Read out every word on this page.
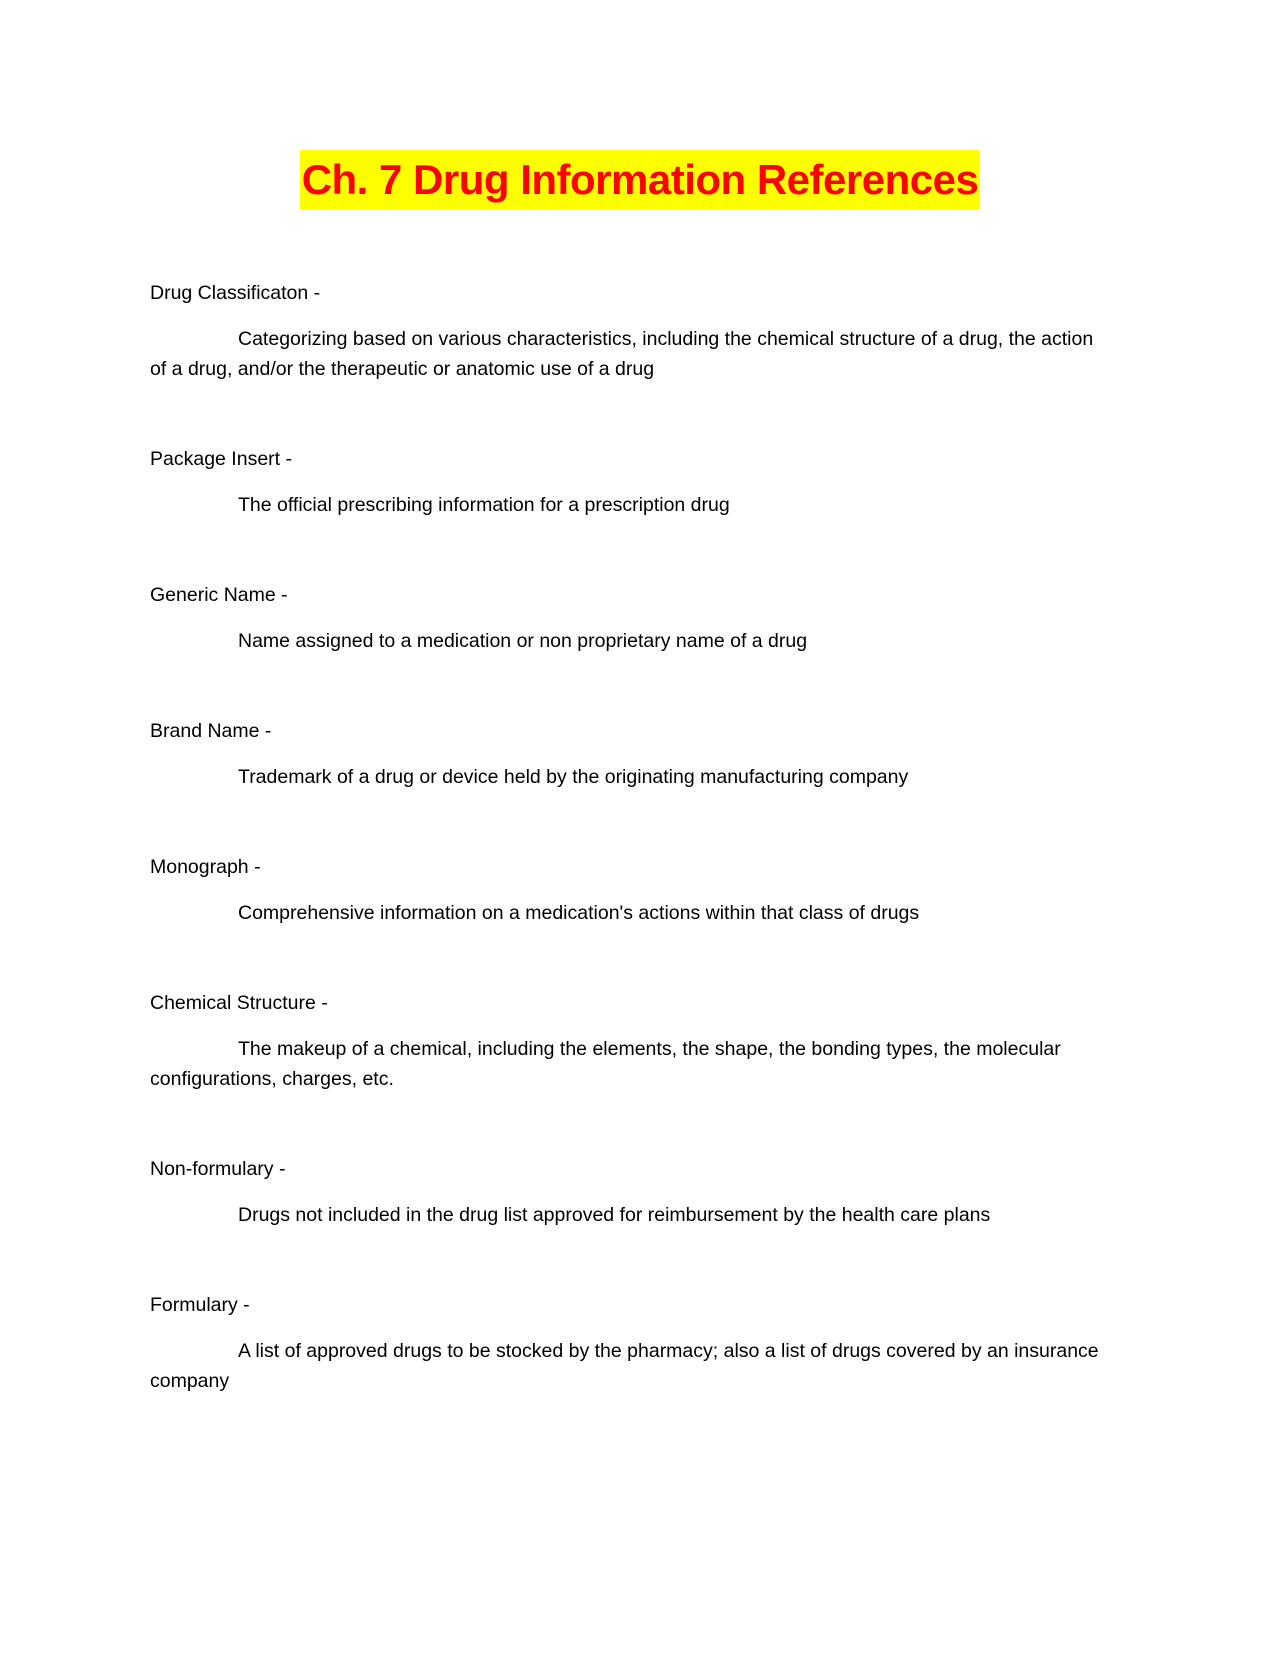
Ch. 7 Drug Information References

Drug Classificaton -

Categorizing based on various characteristics, including the chemical structure of a drug, the action of a drug, and/or the therapeutic or anatomic use of a drug

Package Insert -

The official prescribing information for a prescription drug

Generic Name -

Name assigned to a medication or non proprietary name of a drug

Brand Name -

Trademark of a drug or device held by the originating manufacturing company

Monograph -

Comprehensive information on a medication's actions within that class of drugs

Chemical Structure -

The makeup of a chemical, including the elements, the shape, the bonding types, the molecular configurations, charges, etc.

Non-formulary -

Drugs not included in the drug list approved for reimbursement by the health care plans

Formulary -

A list of approved drugs to be stocked by the pharmacy; also a list of drugs covered by an insurance company
